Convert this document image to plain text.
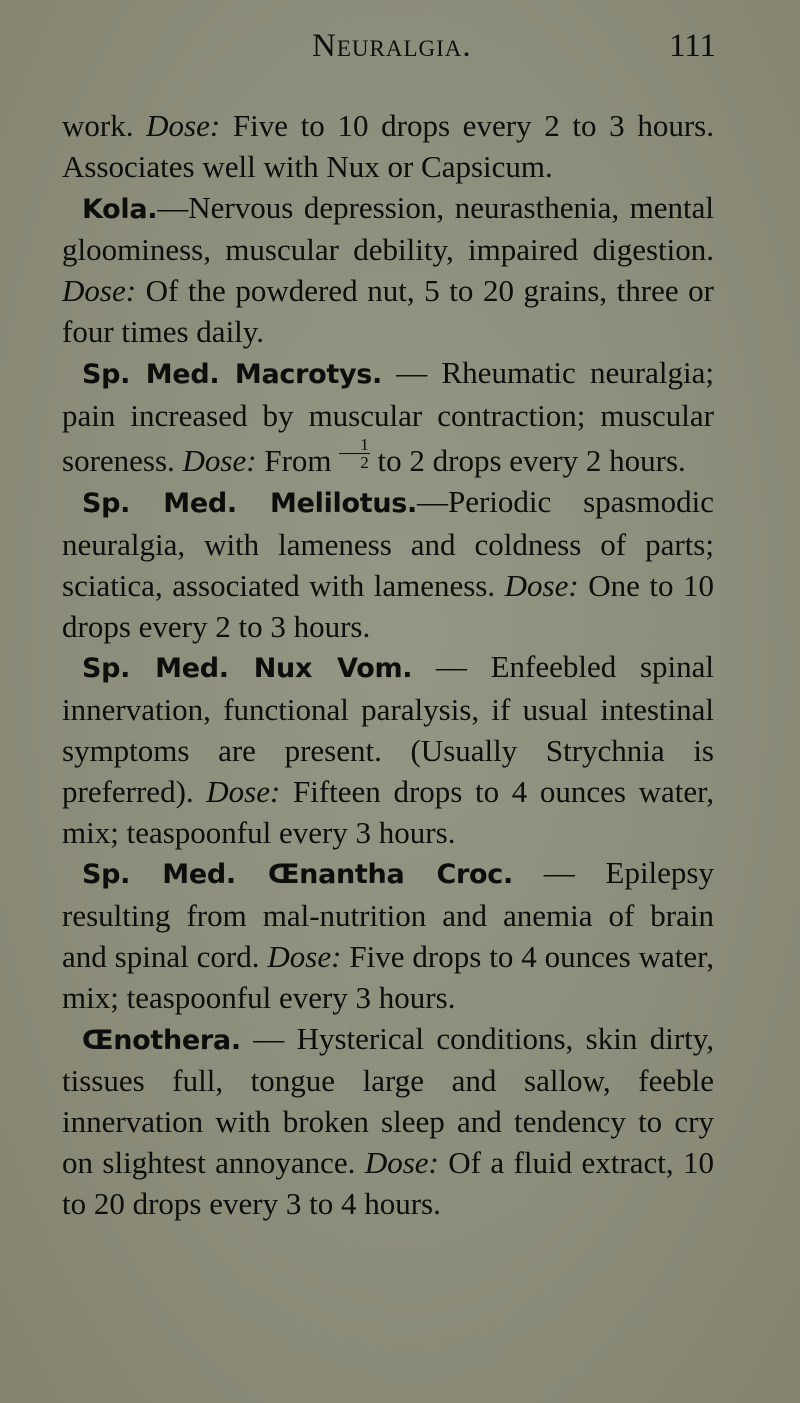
Neuralgia.	111

work. Dose: Five to 10 drops every 2 to 3 hours. Associates well with Nux or Capsicum.

Kola.—Nervous depression, neurasthenia, mental gloominess, muscular debility, impaired digestion. Dose: Of the powdered nut, 5 to 20 grains, three or four times daily.

Sp. Med. Macrotys. — Rheumatic neuralgia; pain increased by muscular contraction; muscular soreness. Dose: From $\frac{1}{2}$ to 2 drops every 2 hours.

Sp. Med. Melilotus.—Periodic spasmodic neuralgia, with lameness and coldness of parts; sciatica, associated with lameness. Dose: One to 10 drops every 2 to 3 hours.

Sp. Med. Nux Vom. — Enfeebled spinal innervation, functional paralysis, if usual intestinal symptoms are present. (Usually Strychnia is preferred). Dose: Fifteen drops to 4 ounces water, mix; teaspoonful every 3 hours.

Sp. Med. Œnantha Croc. — Epilepsy resulting from mal-nutrition and anemia of brain and spinal cord. Dose: Five drops to 4 ounces water, mix; teaspoonful every 3 hours.

Œnothera. — Hysterical conditions, skin dirty, tissues full, tongue large and sallow, feeble innervation with broken sleep and tendency to cry on slightest annoyance. Dose: Of a fluid extract, 10 to 20 drops every 3 to 4 hours.
